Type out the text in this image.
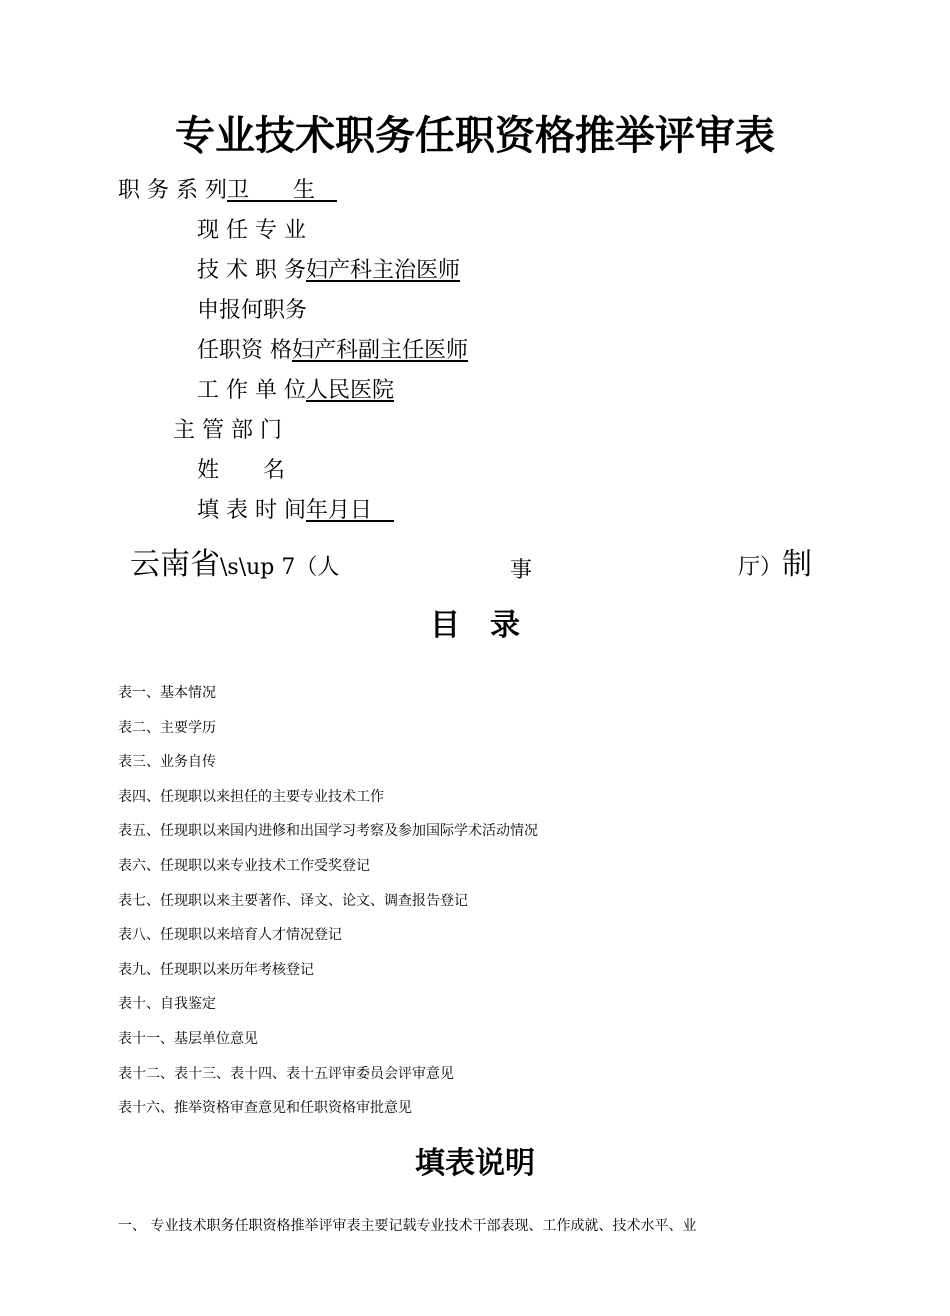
专业技术职务任职资格推举评审表
职 务 系 列卫　　生　
现 任 专 业
技 术 职 务妇产科主治医师
申报何职务
任职资 格妇产科副主任医师
工 作 单 位人民医院
主 管 部 门
姓　　名
填 表 时 间年月日　
云南省\s\up 7（人	事	厅）制
目　录
表一、基本情况
表二、主要学历
表三、业务自传
表四、任现职以来担任的主要专业技术工作
表五、任现职以来国内进修和出国学习考察及参加国际学术活动情况
表六、任现职以来专业技术工作受奖登记
表七、任现职以来主要著作、译文、论文、调查报告登记
表八、任现职以来培育人才情况登记
表九、任现职以来历年考核登记
表十、自我鉴定
表十一、基层单位意见
表十二、表十三、表十四、表十五评审委员会评审意见
表十六、推举资格审查意见和任职资格审批意见
填表说明
一、 专业技术职务任职资格推举评审表主要记载专业技术干部表现、工作成就、技术水平、业
